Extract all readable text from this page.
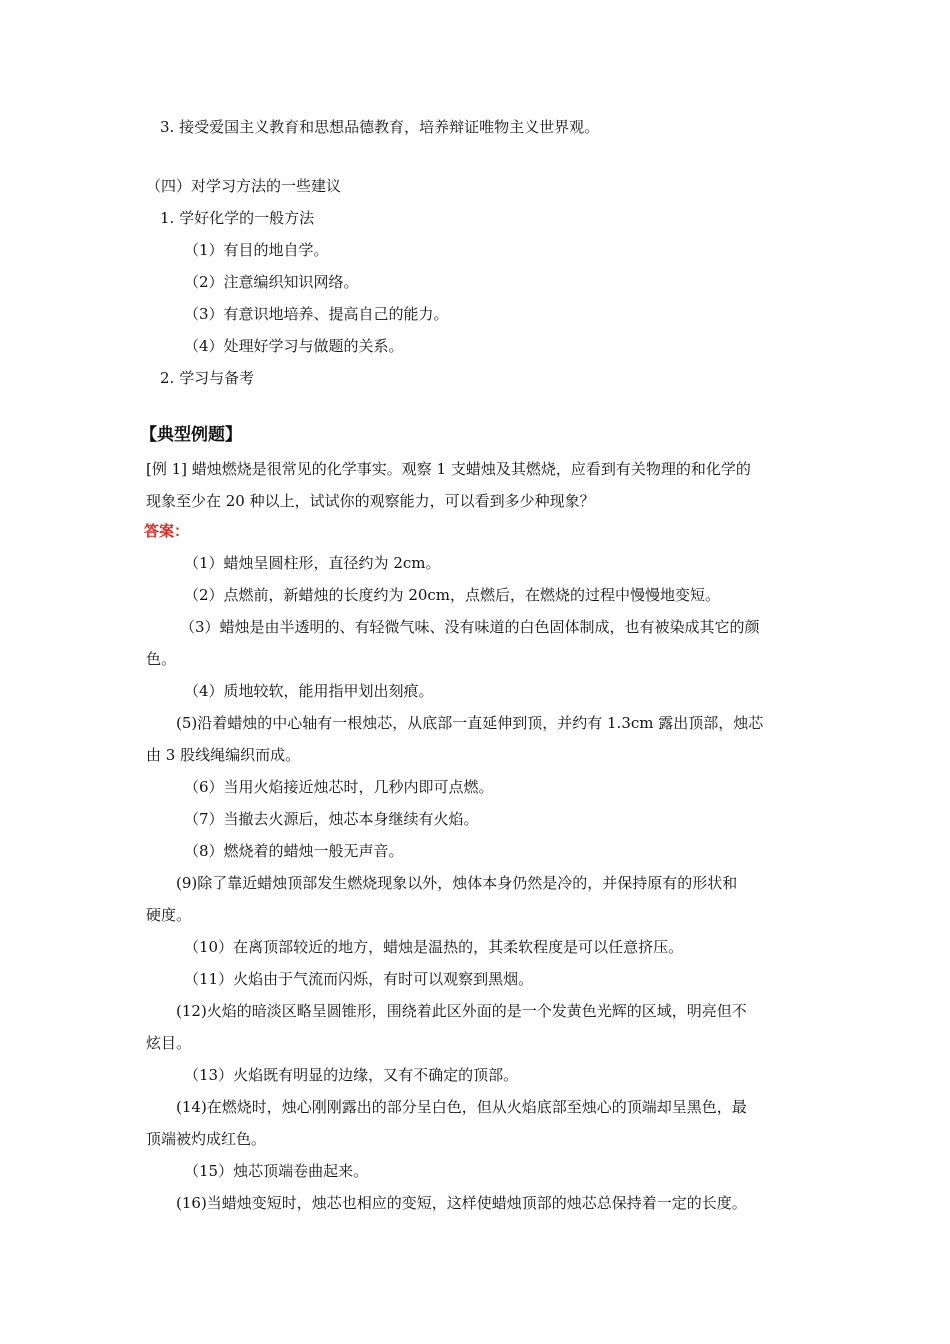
3. 接受爱国主义教育和思想品德教育，培养辩证唯物主义世界观。
（四）对学习方法的一些建议
1. 学好化学的一般方法
（1）有目的地自学。
（2）注意编织知识网络。
（3）有意识地培养、提高自己的能力。
（4）处理好学习与做题的关系。
2. 学习与备考
【典型例题】
[例 1] 蜡烛燃烧是很常见的化学事实。观察 1 支蜡烛及其燃烧，应看到有关物理的和化学的
现象至少在 20 种以上，试试你的观察能力，可以看到多少种现象？
答案：
（1）蜡烛呈圆柱形，直径约为 2cm。
（2）点燃前，新蜡烛的长度约为 20cm，点燃后，在燃烧的过程中慢慢地变短。
（3）蜡烛是由半透明的、有轻微气味、没有味道的白色固体制成，也有被染成其它的颜
色。
（4）质地较软，能用指甲划出刻痕。
(5)沿着蜡烛的中心轴有一根烛芯，从底部一直延伸到顶，并约有 1.3cm 露出顶部，烛芯
由 3 股线绳编织而成。
（6）当用火焰接近烛芯时，几秒内即可点燃。
（7）当撤去火源后，烛芯本身继续有火焰。
（8）燃烧着的蜡烛一般无声音。
(9)除了靠近蜡烛顶部发生燃烧现象以外，烛体本身仍然是冷的，并保持原有的形状和
硬度。
（10）在离顶部较近的地方，蜡烛是温热的，其柔软程度是可以任意挤压。
（11）火焰由于气流而闪烁，有时可以观察到黑烟。
(12)火焰的暗淡区略呈圆锥形，围绕着此区外面的是一个发黄色光辉的区域，明亮但不
炫目。
（13）火焰既有明显的边缘，又有不确定的顶部。
(14)在燃烧时，烛心刚刚露出的部分呈白色，但从火焰底部至烛心的顶端却呈黑色，最
顶端被灼成红色。
（15）烛芯顶端卷曲起来。
(16)当蜡烛变短时，烛芯也相应的变短，这样使蜡烛顶部的烛芯总保持着一定的长度。
